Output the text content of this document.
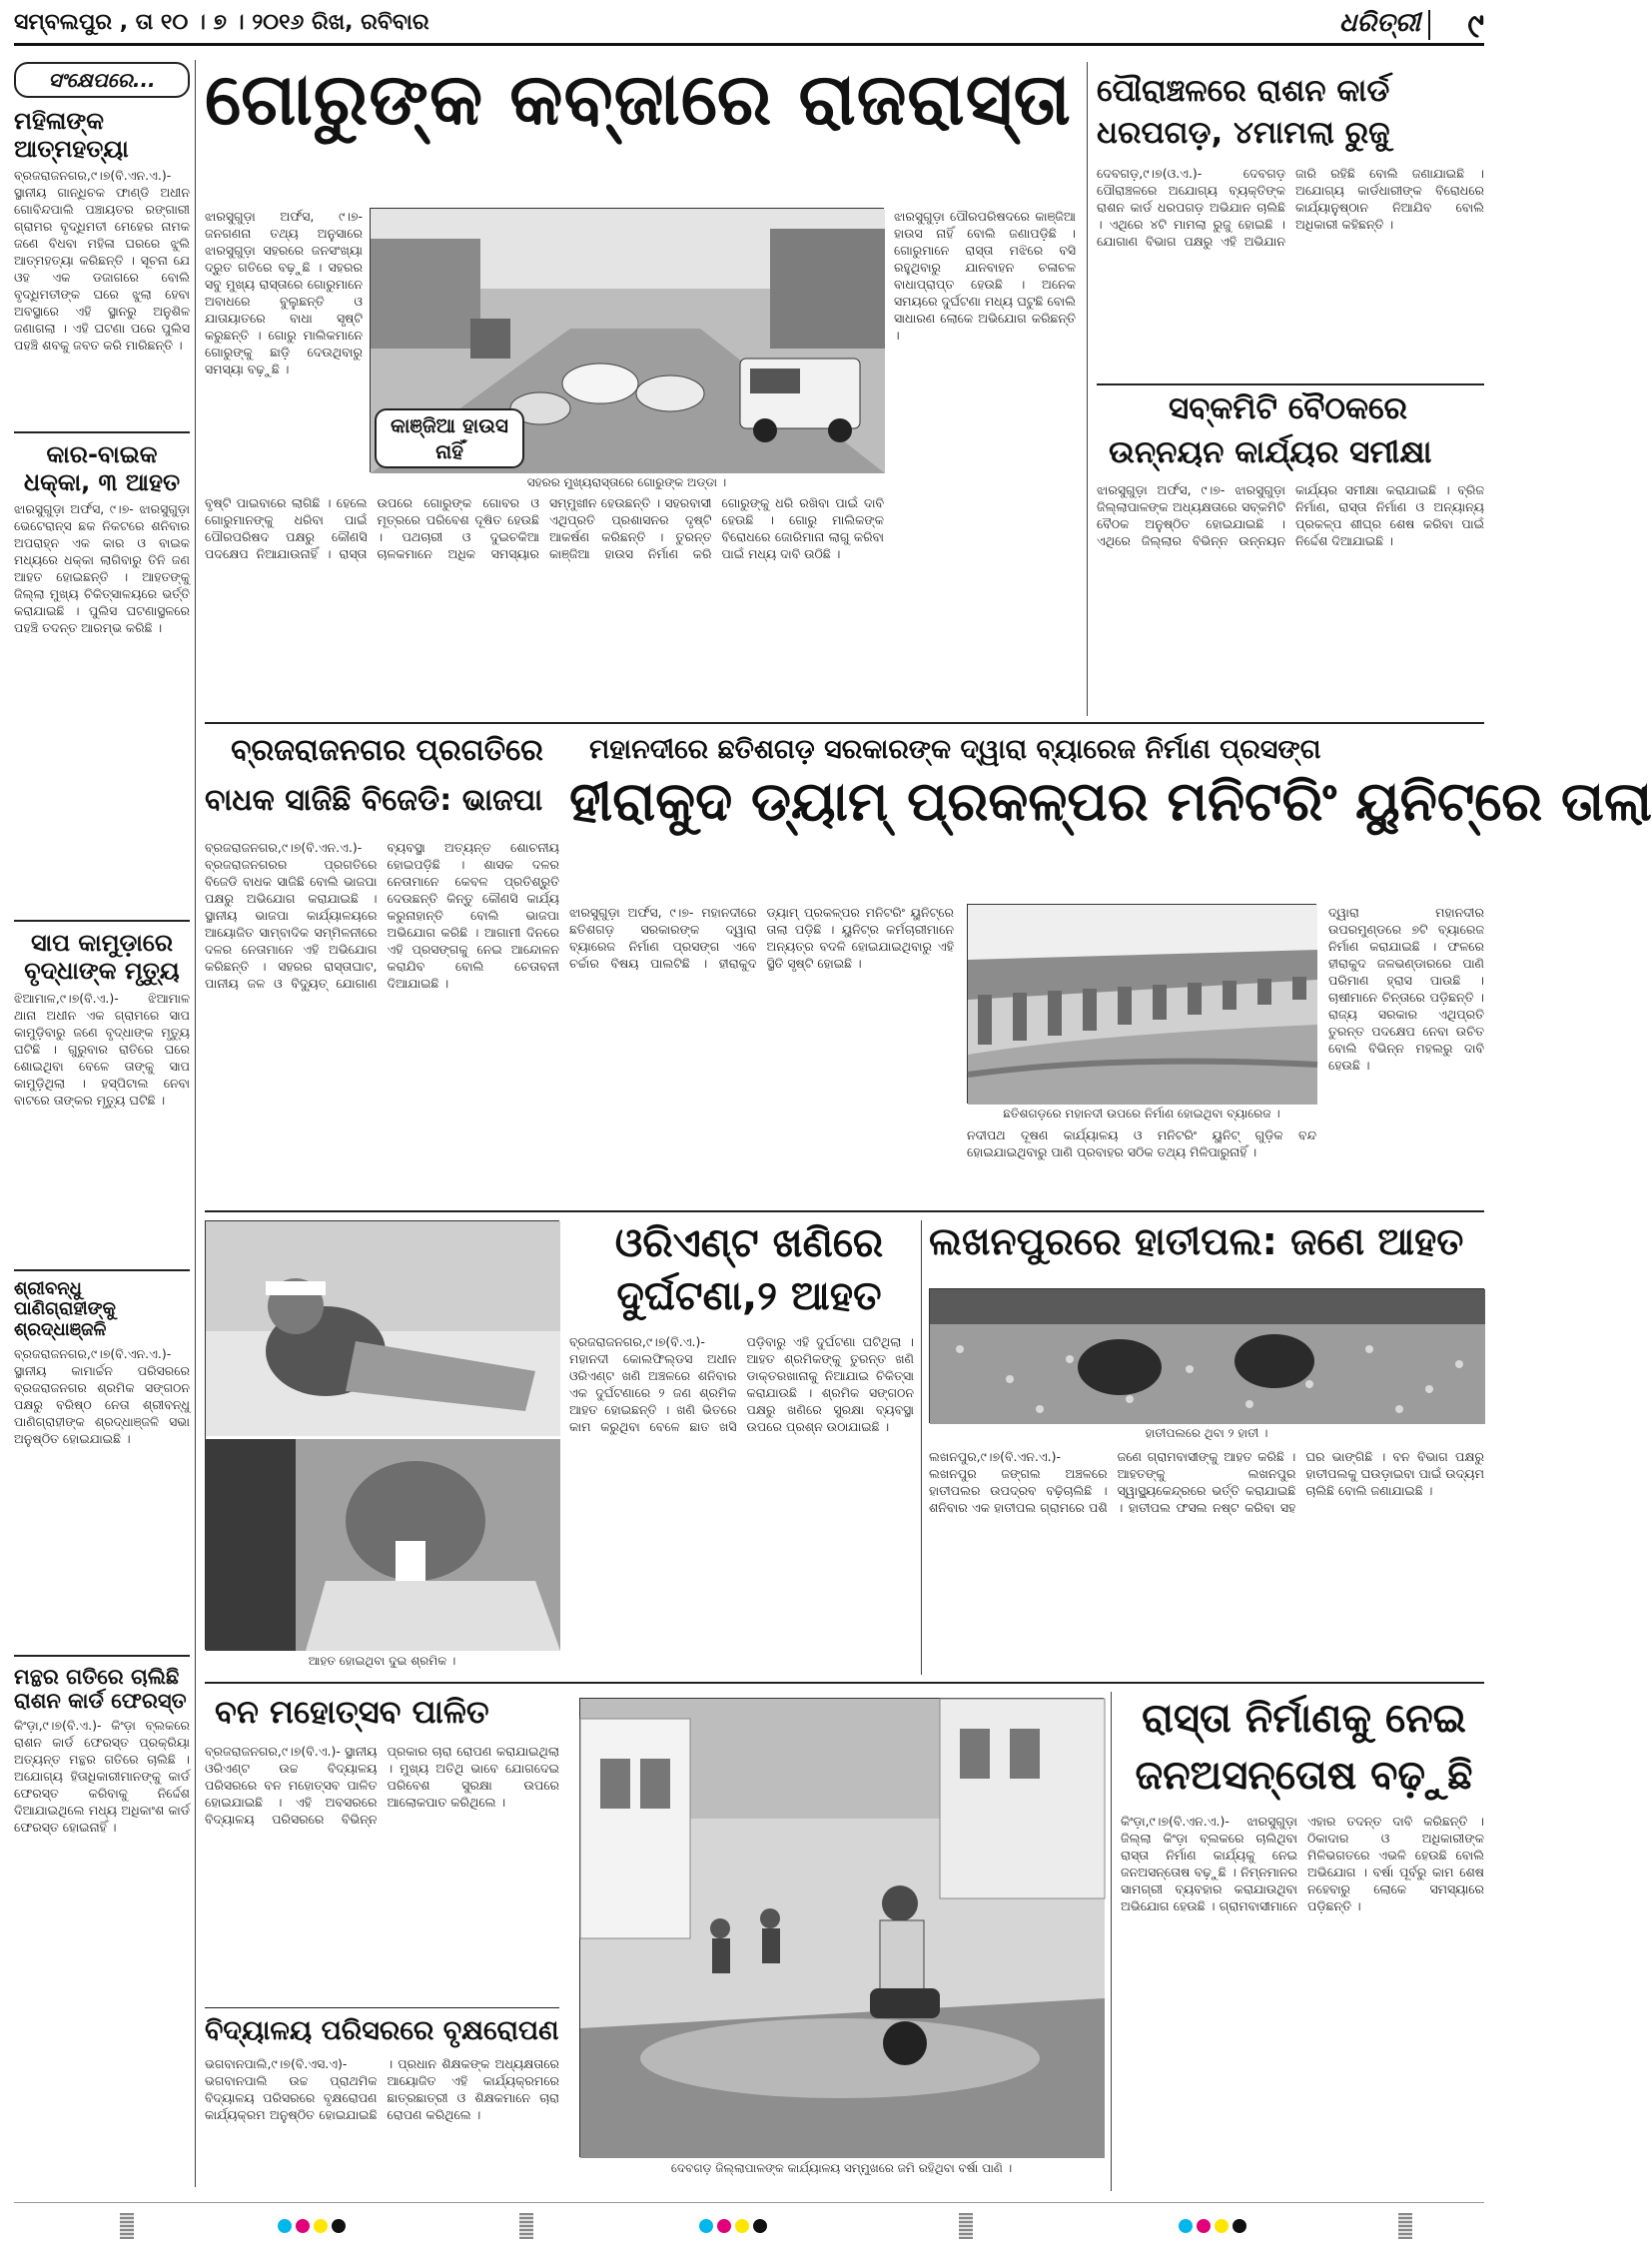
ସମ୍ବଲପୁର , ତା ୧୦ । ୭ । ୨୦୧୬ ରିଖ, ରବିବାର	ଧରିତ୍ରୀ ୯
ସଂକ୍ଷେପରେ...
ମହିଳାଙ୍କ ଆତ୍ମହତ୍ୟା
ବ୍ରଜରାଜନଗର,୯।୭(ବି.ଏନ.ଏ.)- ସ୍ଥାନୀୟ ଗାନ୍ଧିଚକ ଫାଣ୍ଡି ଅଧୀନ ଗୋବିନ୍ଦପାଲି ପଞ୍ଚାୟତର ରଙ୍ଗାରୀ ଗ୍ରାମର ବୃଦ୍ଧିମତୀ ମେହେର ନାମକ ଜଣେ ବିଧବା ମହିଳା ଘରରେ ଝୁଲି ଆତ୍ମହତ୍ୟା କରିଛନ୍ତି । ସୂଚନା ଯେ ଓହ ଏକ ଡଜାଗରେ ବୋଲି ବୃଦ୍ଧିମତୀଙ୍କ ଘରେ ଝୁଲା ହେବା ଅବସ୍ଥାରେ ଏହି ସ୍ଥାନରୁ ଅନୁଶିଳ ଜଣାଗଲା । ଏହି ଘଟଣା ପରେ ପୁଲିସ ପହଞ୍ଚି ଶବକୁ ଜବତ କରି ମାରିଛନ୍ତି ।
କାର-ବାଇକ ଧକ୍କା, ୩ ଆହତ
ଝାରସୁଗୁଡ଼ା ଅର୍ଫସ, ୯।୭- ଝାରସୁଗୁଡ଼ା ଭେଟେରାନ୍ସ ଛକ ନିକଟରେ ଶନିବାର ଅପରାହ୍ନ ଏକ କାର ଓ ବାଇକ ମଧ୍ୟରେ ଧକ୍କା ଲାଗିବାରୁ ତିନି ଜଣ ଆହତ ହୋଇଛନ୍ତି । ଆହତଙ୍କୁ ଜିଲ୍ଲା ମୁଖ୍ୟ ଚିକିତ୍ସାଳୟରେ ଭର୍ତ୍ତି କରାଯାଇଛି । ପୁଲିସ ଘଟଣାସ୍ଥଳରେ ପହଞ୍ଚି ତଦନ୍ତ ଆରମ୍ଭ କରିଛି ।
ସାପ କାମୁଡ଼ାରେ ବୃଦ୍ଧାଙ୍କ ମୃତ୍ୟୁ
ଝିଆମାଳ,୯।୭(ବି.ଏ.)- ଝିଆମାଳ ଥାନା ଅଧୀନ ଏକ ଗ୍ରାମରେ ସାପ କାମୁଡ଼ିବାରୁ ଜଣେ ବୃଦ୍ଧାଙ୍କ ମୃତ୍ୟୁ ଘଟିଛି । ଗୁରୁବାର ରାତିରେ ଘରେ ଶୋଇଥିବା ବେଳେ ତାଙ୍କୁ ସାପ କାମୁଡ଼ିଥିଲା । ହସ୍ପିଟାଲ ନେବା ବାଟରେ ତାଙ୍କର ମୃତ୍ୟୁ ଘଟିଛି ।
ଶ୍ରୀବନ୍ଧୁ ପାଣିଗ୍ରାହୀଙ୍କୁ ଶ୍ରଦ୍ଧାଞ୍ଜଳି
ବ୍ରଜରାଜନଗର,୯।୭(ବି.ଏନ.ଏ.)- ସ୍ଥାନୀୟ କାମାର୍ଚ୍ଚନ ପରିସରରେ ବ୍ରଜରାଜନଗର ଶ୍ରମିକ ସଙ୍ଗଠନ ପକ୍ଷରୁ ବରିଷ୍ଠ ନେତା ଶ୍ରୀବନ୍ଧୁ ପାଣିଗ୍ରାହୀଙ୍କ ଶ୍ରଦ୍ଧାଞ୍ଜଳି ସଭା ଅନୁଷ୍ଠିତ ହୋଇଯାଇଛି ।
ମନ୍ଥର ଗତିରେ ଚାଲିଛି ରାଶନ କାର୍ଡ ଫେରସ୍ତ
କିଂଡ଼ା,୯।୭(ବି.ଏ.)- କିଂଡ଼ା ବ୍ଲକରେ ରାଶନ କାର୍ଡ ଫେରସ୍ତ ପ୍ରକ୍ରିୟା ଅତ୍ୟନ୍ତ ମନ୍ଥର ଗତିରେ ଚାଲିଛି । ଅଯୋଗ୍ୟ ହିତାଧିକାରୀମାନଙ୍କୁ କାର୍ଡ ଫେରସ୍ତ କରିବାକୁ ନିର୍ଦ୍ଦେଶ ଦିଆଯାଇଥିଲେ ମଧ୍ୟ ଅଧିକାଂଶ କାର୍ଡ ଫେରସ୍ତ ହୋଇନାହିଁ ।
ଗୋରୁଙ୍କ କବ୍‌ଜାରେ ରାଜରାସ୍ତା
କାଞ୍ଜିଆ ହାଉସ ନାହିଁ
ସହରର ମୁଖ୍ୟରାସ୍ତାରେ ଗୋରୁଙ୍କ ଅଡ୍ଡା ।
ଝାରସୁଗୁଡ଼ା ଅର୍ଫସ, ୯।୭- ଜନଗଣନା ତଥ୍ୟ ଅନୁସାରେ ଝାରସୁଗୁଡ଼ା ସହରରେ ଜନସଂଖ୍ୟା ଦ୍ରୁତ ଗତିରେ ବଢ଼ୁଛି । ସହରର ସବୁ ମୁଖ୍ୟ ରାସ୍ତାରେ ଗୋରୁମାନେ ଅବାଧରେ ବୁଲୁଛନ୍ତି ଓ ଯାତାୟାତରେ ବାଧା ସୃଷ୍ଟି କରୁଛନ୍ତି । ଗୋରୁ ମାଲିକମାନେ ଗୋରୁଙ୍କୁ ଛାଡ଼ି ଦେଉଥିବାରୁ ସମସ୍ୟା ବଢ଼ୁଛି ।
ଝାରସୁଗୁଡ଼ା ପୌରପରିଷଦରେ କାଞ୍ଜିଆ ହାଉସ ନାହିଁ ବୋଲି ଜଣାପଡ଼ିଛି । ଗୋରୁମାନେ ରାସ୍ତା ମଝିରେ ବସି ରହୁଥିବାରୁ ଯାନବାହନ ଚଳାଚଳ ବାଧାପ୍ରାପ୍ତ ହେଉଛି । ଅନେକ ସମୟରେ ଦୁର୍ଘଟଣା ମଧ୍ୟ ଘଟୁଛି ବୋଲି ସାଧାରଣ ଲୋକେ ଅଭିଯୋଗ କରିଛନ୍ତି ।
ବୃଷ୍ଟି ପାଇବାରେ ଲାଗିଛି । ହେଲେ ଗୋରୁମାନଙ୍କୁ ଧରିବା ପାଇଁ ପୌରପରିଷଦ ପକ୍ଷରୁ କୌଣସି ପଦକ୍ଷେପ ନିଆଯାଉନାହିଁ । ରାସ୍ତା ଉପରେ ଗୋରୁଙ୍କ ଗୋବର ଓ ମୂତ୍ରରେ ପରିବେଶ ଦୂଷିତ ହେଉଛି । ପଥଚାରୀ ଓ ଦୁଇଚକିଆ ଚାଳକମାନେ ଅଧିକ ସମସ୍ୟାର ସମ୍ମୁଖୀନ ହେଉଛନ୍ତି । ସହରବାସୀ ଏଥିପ୍ରତି ପ୍ରଶାସନର ଦୃଷ୍ଟି ଆକର୍ଷଣ କରିଛନ୍ତି । ତୁରନ୍ତ କାଞ୍ଜିଆ ହାଉସ ନିର୍ମାଣ କରି ଗୋରୁଙ୍କୁ ଧରି ରଖିବା ପାଇଁ ଦାବି ହେଉଛି । ଗୋରୁ ମାଲିକଙ୍କ ବିରୋଧରେ ଜୋରିମାନା ଲାଗୁ କରିବା ପାଇଁ ମଧ୍ୟ ଦାବି ଉଠିଛି ।
ପୌରାଞ୍ଚଳରେ ରାଶନ କାର୍ଡ
ଧରପଗଡ଼, ୪ମାମଲା ରୁଜୁ
ଦେବଗଡ଼,୯।୭(ଓ.ଏ.)- ଦେବଗଡ଼ ପୌରାଞ୍ଚଳରେ ଅଯୋଗ୍ୟ ବ୍ୟକ୍ତିଙ୍କ ରାଶନ କାର୍ଡ ଧରପଗଡ଼ ଅଭିଯାନ ଚାଲିଛି । ଏଥିରେ ୪ଟି ମାମଲା ରୁଜୁ ହୋଇଛି । ଯୋଗାଣ ବିଭାଗ ପକ୍ଷରୁ ଏହି ଅଭିଯାନ ଜାରି ରହିଛି ବୋଲି ଜଣାଯାଇଛି । ଅଯୋଗ୍ୟ କାର୍ଡଧାରୀଙ୍କ ବିରୋଧରେ କାର୍ଯ୍ୟାନୁଷ୍ଠାନ ନିଆଯିବ ବୋଲି ଅଧିକାରୀ କହିଛନ୍ତି ।
ସବ୍‌କମିଟି ବୈଠକରେ
ଉନ୍ନୟନ କାର୍ଯ୍ୟର ସମୀକ୍ଷା
ଝାରସୁଗୁଡ଼ା ଅର୍ଫସ, ୯।୭- ଝାରସୁଗୁଡ଼ା ଜିଲ୍ଲାପାଳଙ୍କ ଅଧ୍ୟକ୍ଷତାରେ ସବ୍‌କମିଟି ବୈଠକ ଅନୁଷ୍ଠିତ ହୋଇଯାଇଛି । ଏଥିରେ ଜିଲ୍ଲାର ବିଭିନ୍ନ ଉନ୍ନୟନ କାର୍ଯ୍ୟର ସମୀକ୍ଷା କରାଯାଇଛି । ବ୍ରିଜ ନିର୍ମାଣ, ରାସ୍ତା ନିର୍ମାଣ ଓ ଅନ୍ୟାନ୍ୟ ପ୍ରକଳ୍ପ ଶୀଘ୍ର ଶେଷ କରିବା ପାଇଁ ନିର୍ଦ୍ଦେଶ ଦିଆଯାଇଛି ।
ବ୍ରଜରାଜନଗର ପ୍ରଗତିରେ
ବାଧକ ସାଜିଛି ବିଜେଡି: ଭାଜପା
ବ୍ରଜରାଜନଗର,୯।୭(ବି.ଏନ.ଏ.)- ବ୍ରଜରାଜନଗରର ପ୍ରଗତିରେ ବିଜେଡି ବାଧକ ସାଜିଛି ବୋଲି ଭାଜପା ପକ୍ଷରୁ ଅଭିଯୋଗ କରାଯାଇଛି । ସ୍ଥାନୀୟ ଭାଜପା କାର୍ଯ୍ୟାଳୟରେ ଆୟୋଜିତ ସାମ୍ବାଦିକ ସମ୍ମିଳନୀରେ ଦଳର ନେତାମାନେ ଏହି ଅଭିଯୋଗ କରିଛନ୍ତି । ସହରର ରାସ୍ତାଘାଟ, ପାନୀୟ ଜଳ ଓ ବିଦ୍ୟୁତ୍ ଯୋଗାଣ ବ୍ୟବସ୍ଥା ଅତ୍ୟନ୍ତ ଶୋଚନୀୟ ହୋଇପଡ଼ିଛି । ଶାସକ ଦଳର ନେତାମାନେ କେବଳ ପ୍ରତିଶ୍ରୁତି ଦେଉଛନ୍ତି କିନ୍ତୁ କୌଣସି କାର୍ଯ୍ୟ କରୁନାହାନ୍ତି ବୋଲି ଭାଜପା ଅଭିଯୋଗ କରିଛି । ଆଗାମୀ ଦିନରେ ଏହି ପ୍ରସଙ୍ଗକୁ ନେଇ ଆନ୍ଦୋଳନ କରାଯିବ ବୋଲି ଚେତାବନୀ ଦିଆଯାଇଛି ।
ମହାନଦୀରେ ଛତିଶଗଡ଼ ସରକାରଙ୍କ ଦ୍ୱାରା ବ୍ୟାରେଜ ନିର୍ମାଣ ପ୍ରସଙ୍ଗ
ହୀରାକୁଦ ଡ୍ୟାମ୍ ପ୍ରକଳ୍ପର ମନିଟରିଂ ୟୁନିଟ୍‌ରେ ତାଲା
ଝାରସୁଗୁଡ଼ା ଅର୍ଫସ, ୯।୭- ମହାନଦୀରେ ଛତିଶଗଡ଼ ସରକାରଙ୍କ ଦ୍ୱାରା ବ୍ୟାରେଜ ନିର୍ମାଣ ପ୍ରସଙ୍ଗ ଏବେ ଚର୍ଚ୍ଚାର ବିଷୟ ପାଲଟିଛି । ହୀରାକୁଦ ଡ୍ୟାମ୍ ପ୍ରକଳ୍ପର ମନିଟରିଂ ୟୁନିଟ୍‌ରେ ତାଲା ପଡ଼ିଛି । ୟୁନିଟ୍‌ର କର୍ମଚାରୀମାନେ ଅନ୍ୟତ୍ର ବଦଳି ହୋଇଯାଇଥିବାରୁ ଏହି ସ୍ଥିତି ସୃଷ୍ଟି ହୋଇଛି ।
ଛତିଶଗଡ଼ରେ ମହାନଦୀ ଉପରେ ନିର୍ମାଣ ହୋଇଥିବା ବ୍ୟାରେଜ ।
ଦ୍ୱାରା ମହାନଦୀର ଉପରମୁଣ୍ଡରେ ୭ଟି ବ୍ୟାରେଜ ନିର୍ମାଣ କରାଯାଇଛି । ଫଳରେ ହୀରାକୁଦ ଜଳଭଣ୍ଡାରରେ ପାଣି ପରିମାଣ ହ୍ରାସ ପାଉଛି । ଚାଷୀମାନେ ଚିନ୍ତାରେ ପଡ଼ିଛନ୍ତି । ରାଜ୍ୟ ସରକାର ଏଥିପ୍ରତି ତୁରନ୍ତ ପଦକ୍ଷେପ ନେବା ଉଚିତ ବୋଲି ବିଭିନ୍ନ ମହଲରୁ ଦାବି ହେଉଛି ।
ନଦୀପଥ ଦୂଷଣ କାର୍ଯ୍ୟାଳୟ ଓ ମନିଟରିଂ ୟୁନିଟ୍ ଗୁଡ଼ିକ ବନ୍ଦ ହୋଇଯାଇଥିବାରୁ ପାଣି ପ୍ରବାହର ସଠିକ ତଥ୍ୟ ମିଳିପାରୁନାହିଁ ।
ଆହତ ହୋଇଥିବା ଦୁଇ ଶ୍ରମିକ ।
ଓରିଏଣ୍ଟ ଖଣିରେ
ଦୁର୍ଘଟଣା,୨ ଆହତ
ବ୍ରଜରାଜନଗର,୯।୭(ବି.ଏ.)- ମହାନଦୀ କୋଲଫିଲ୍ଡସ ଅଧୀନ ଓରିଏଣ୍ଟ ଖଣି ଅଞ୍ଚଳରେ ଶନିବାର ଏକ ଦୁର୍ଘଟଣାରେ ୨ ଜଣ ଶ୍ରମିକ ଆହତ ହୋଇଛନ୍ତି । ଖଣି ଭିତରେ କାମ କରୁଥିବା ବେଳେ ଛାତ ଖସି ପଡ଼ିବାରୁ ଏହି ଦୁର୍ଘଟଣା ଘଟିଥିଲା । ଆହତ ଶ୍ରମିକଙ୍କୁ ତୁରନ୍ତ ଖଣି ଡାକ୍ତରଖାନାକୁ ନିଆଯାଇ ଚିକିତ୍ସା କରାଯାଉଛି । ଶ୍ରମିକ ସଙ୍ଗଠନ ପକ୍ଷରୁ ଖଣିରେ ସୁରକ୍ଷା ବ୍ୟବସ୍ଥା ଉପରେ ପ୍ରଶ୍ନ ଉଠାଯାଇଛି ।
ଲଖନପୁରରେ ହାତୀପଲ: ଜଣେ ଆହତ
ହାତୀପଲରେ ଥିବା ୨ ହାତୀ ।
ଲଖନପୁର,୯।୭(ବି.ଏନ.ଏ.)- ଲଖନପୁର ଜଙ୍ଗଲ ଅଞ୍ଚଳରେ ହାତୀପଲର ଉପଦ୍ରବ ବଢ଼ିଚାଲିଛି । ଶନିବାର ଏକ ହାତୀପଲ ଗ୍ରାମରେ ପଶି ଜଣେ ଗ୍ରାମବାସୀଙ୍କୁ ଆହତ କରିଛି । ଆହତଙ୍କୁ ଲଖନପୁର ସ୍ୱାସ୍ଥ୍ୟକେନ୍ଦ୍ରରେ ଭର୍ତ୍ତି କରାଯାଇଛି । ହାତୀପଲ ଫସଲ ନଷ୍ଟ କରିବା ସହ ଘର ଭାଙ୍ଗିଛି । ବନ ବିଭାଗ ପକ୍ଷରୁ ହାତୀପଲକୁ ଘଉଡ଼ାଇବା ପାଇଁ ଉଦ୍ୟମ ଚାଲିଛି ବୋଲି ଜଣାଯାଇଛି ।
ବନ ମହୋତ୍ସବ ପାଳିତ
ବ୍ରଜରାଜନଗର,୯।୭(ବି.ଏ.)- ସ୍ଥାନୀୟ ଓରିଏଣ୍ଟ ଉଚ୍ଚ ବିଦ୍ୟାଳୟ ପରିସରରେ ବନ ମହୋତ୍ସବ ପାଳିତ ହୋଇଯାଇଛି । ଏହି ଅବସରରେ ବିଦ୍ୟାଳୟ ପରିସରରେ ବିଭିନ୍ନ ପ୍ରକାର ଚାରା ରୋପଣ କରାଯାଇଥିଲା । ମୁଖ୍ୟ ଅତିଥି ଭାବେ ଯୋଗଦେଇ ପରିବେଶ ସୁରକ୍ଷା ଉପରେ ଆଲୋକପାତ କରିଥିଲେ ।
ବିଦ୍ୟାଳୟ ପରିସରରେ ବୃକ୍ଷରୋପଣ
ଭଗବାନପାଲି,୯।୭(ବି.ଏସ.ଏ)- ଭଗବାନପାଲି ଉଚ୍ଚ ପ୍ରାଥମିକ ବିଦ୍ୟାଳୟ ପରିସରରେ ବୃକ୍ଷରୋପଣ କାର୍ଯ୍ୟକ୍ରମ ଅନୁଷ୍ଠିତ ହୋଇଯାଇଛି । ପ୍ରଧାନ ଶିକ୍ଷକଙ୍କ ଅଧ୍ୟକ୍ଷତାରେ ଆୟୋଜିତ ଏହି କାର୍ଯ୍ୟକ୍ରମରେ ଛାତ୍ରଛାତ୍ରୀ ଓ ଶିକ୍ଷକମାନେ ଚାରା ରୋପଣ କରିଥିଲେ ।
ଦେବଗଡ଼ ଜିଲ୍ଲାପାଳଙ୍କ କାର୍ଯ୍ୟାଳୟ ସମ୍ମୁଖରେ ଜମି ରହିଥିବା ବର୍ଷା ପାଣି ।
ରାସ୍ତା ନିର୍ମାଣକୁ ନେଇ
ଜନଅସନ୍ତୋଷ ବଢ଼ୁଛି
କିଂଡ଼ା,୯।୭(ବି.ଏନ.ଏ.)- ଝାରସୁଗୁଡ଼ା ଜିଲ୍ଲା କିଂଡ଼ା ବ୍ଲକରେ ଚାଲିଥିବା ରାସ୍ତା ନିର୍ମାଣ କାର୍ଯ୍ୟକୁ ନେଇ ଜନଅସନ୍ତୋଷ ବଢ଼ୁଛି । ନିମ୍ନମାନର ସାମଗ୍ରୀ ବ୍ୟବହାର କରାଯାଉଥିବା ଅଭିଯୋଗ ହେଉଛି । ଗ୍ରାମବାସୀମାନେ ଏହାର ତଦନ୍ତ ଦାବି କରିଛନ୍ତି । ଠିକାଦାର ଓ ଅଧିକାରୀଙ୍କ ମିଳିଭଗତରେ ଏଭଳି ହେଉଛି ବୋଲି ଅଭିଯୋଗ । ବର୍ଷା ପୂର୍ବରୁ କାମ ଶେଷ ନହେବାରୁ ଲୋକେ ସମସ୍ୟାରେ ପଡ଼ିଛନ୍ତି ।
